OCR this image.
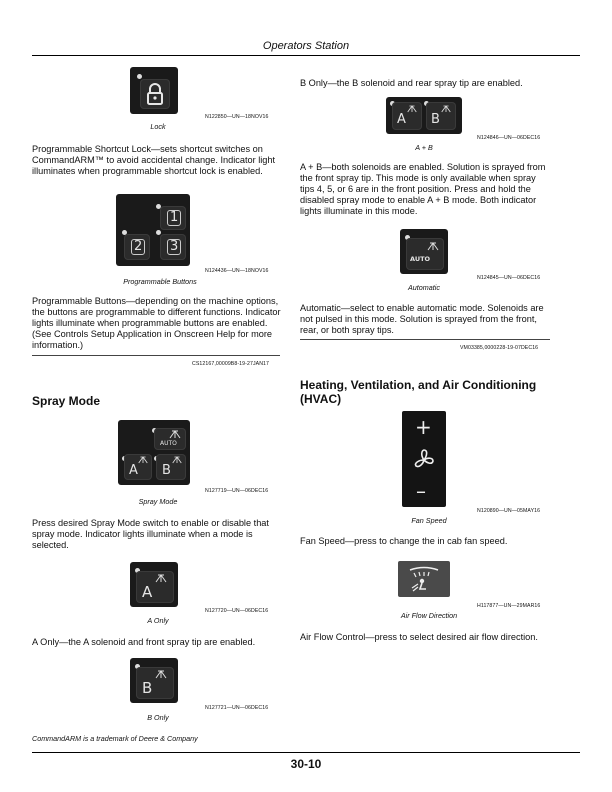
Operators Station
N122850—UN—18NOV16
Lock
Programmable Shortcut Lock—sets shortcut switches on CommandARM™ to avoid accidental change. Indicator light illuminates when programmable shortcut lock is enabled.
1
2 3
N124436—UN—18NOV16
Programmable Buttons
Programmable Buttons—depending on the machine options, the buttons are programmable to different functions. Indicator lights illuminate when programmable buttons are enabled. (See Controls Setup Application in Onscreen Help for more information.)
CS12167,00009B8-19-27JAN17
Spray Mode
AUTO
A B
N127719—UN—06DEC16
Spray Mode
Press desired Spray Mode switch to enable or disable that spray mode. Indicator lights illuminate when a mode is selected.
A
N127720—UN—06DEC16
A Only
A Only—the A solenoid and front spray tip are enabled.
B
N127721—UN—06DEC16
B Only
CommandARM is a trademark of Deere & Company
B Only—the B solenoid and rear spray tip are enabled.
A B
N124846—UN—06DEC16
A + B
A + B—both solenoids are enabled. Solution is sprayed from the front spray tip. This mode is only available when spray tips 4, 5, or 6 are in the front position. Press and hold the disabled spray mode to enable A + B mode. Both indicator lights illuminate in this mode.
AUTO
N124845—UN—06DEC16
Automatic
Automatic—select to enable automatic mode. Solenoids are not pulsed in this mode. Solution is sprayed from the front, rear, or both spray tips.
VM03385,0000228-19-07DEC16
Heating, Ventilation, and Air Conditioning (HVAC)
+
–
N120890—UN—05MAY16
Fan Speed
Fan Speed—press to change the in cab fan speed.
H117877—UN—29MAR16
Air Flow Direction
Air Flow Control—press to select desired air flow direction.
30-10
